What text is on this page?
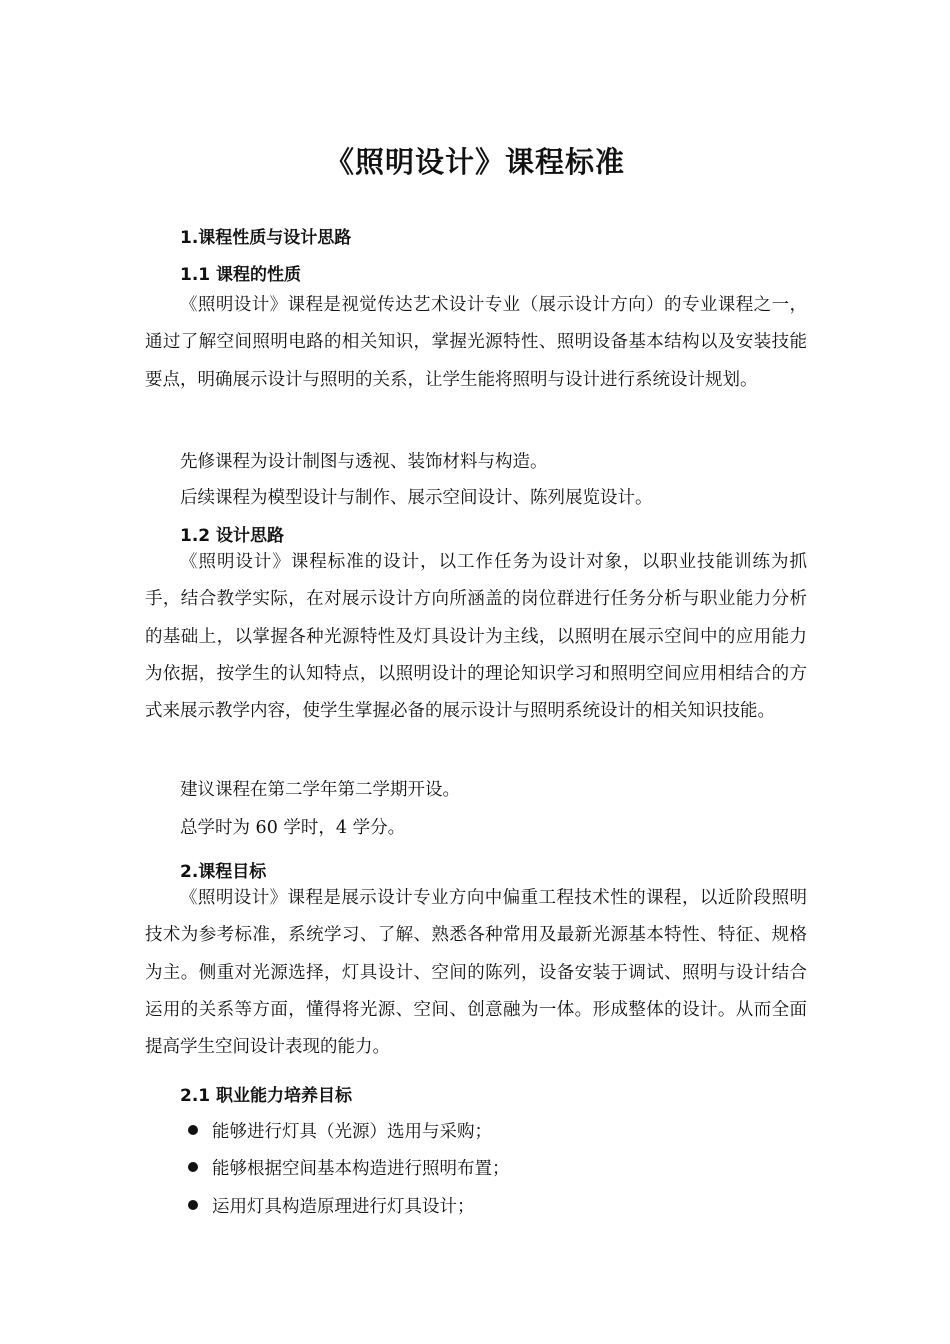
《照明设计》课程标准
1.课程性质与设计思路
1.1 课程的性质

《照明设计》课程是视觉传达艺术设计专业（展示设计方向）的专业课程之一，通过了解空间照明电路的相关知识，掌握光源特性、照明设备基本结构以及安装技能要点，明确展示设计与照明的关系，让学生能将照明与设计进行系统设计规划。

先修课程为设计制图与透视、装饰材料与构造。
后续课程为模型设计与制作、展示空间设计、陈列展览设计。
1.2 设计思路

《照明设计》课程标准的设计，以工作任务为设计对象，以职业技能训练为抓手，结合教学实际，在对展示设计方向所涵盖的岗位群进行任务分析与职业能力分析的基础上，以掌握各种光源特性及灯具设计为主线，以照明在展示空间中的应用能力为依据，按学生的认知特点，以照明设计的理论知识学习和照明空间应用相结合的方式来展示教学内容，使学生掌握必备的展示设计与照明系统设计的相关知识技能。

建议课程在第二学年第二学期开设。
总学时为 60 学时，4 学分。
2.课程目标

《照明设计》课程是展示设计专业方向中偏重工程技术性的课程，以近阶段照明技术为参考标准，系统学习、了解、熟悉各种常用及最新光源基本特性、特征、规格为主。侧重对光源选择，灯具设计、空间的陈列，设备安装于调试、照明与设计结合运用的关系等方面，懂得将光源、空间、创意融为一体。形成整体的设计。从而全面提高学生空间设计表现的能力。

2.1 职业能力培养目标
能够进行灯具（光源）选用与采购；
能够根据空间基本构造进行照明布置；
运用灯具构造原理进行灯具设计；
